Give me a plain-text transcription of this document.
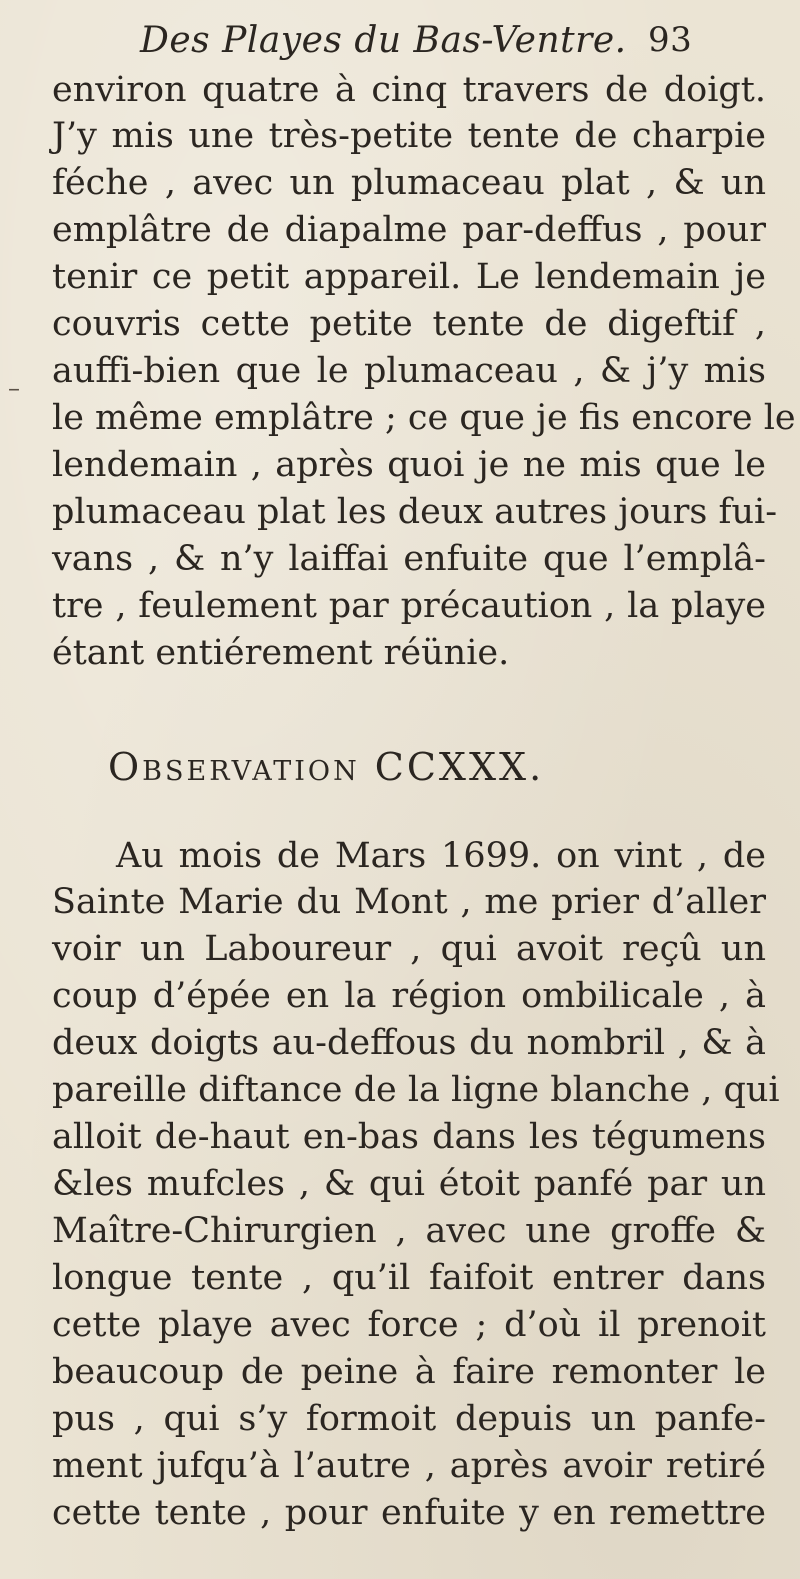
Des Playes du Bas-Ventre. 93
environ quatre à cinq travers de doigt.
J’y mis une très-petite tente de charpie
féche , avec un plumaceau plat , & un
emplâtre de diapalme par-deffus , pour
tenir ce petit appareil. Le lendemain je
couvris cette petite tente de digeftif ,
auffi-bien que le plumaceau , & j’y mis
le même emplâtre ; ce que je fis encore le
lendemain , après quoi je ne mis que le
plumaceau plat les deux autres jours fui-
vans , & n’y laiffai enfuite que l’emplâ-
tre , feulement par précaution , la playe
étant entiérement réünie.
Observation CCXXX.
Au mois de Mars 1699. on vint , de
Sainte Marie du Mont , me prier d’aller
voir un Laboureur , qui avoit reçû un
coup d’épée en la région ombilicale , à
deux doigts au-deffous du nombril , & à
pareille diftance de la ligne blanche , qui
alloit de-haut en-bas dans les tégumens
&les mufcles , & qui étoit panfé par un
Maître-Chirurgien , avec une groffe &
longue tente , qu’il faifoit entrer dans
cette playe avec force ; d’où il prenoit
beaucoup de peine à faire remonter le
pus , qui s’y formoit depuis un panfe-
ment jufqu’à l’autre , après avoir retiré
cette tente , pour enfuite y en remettre
–
